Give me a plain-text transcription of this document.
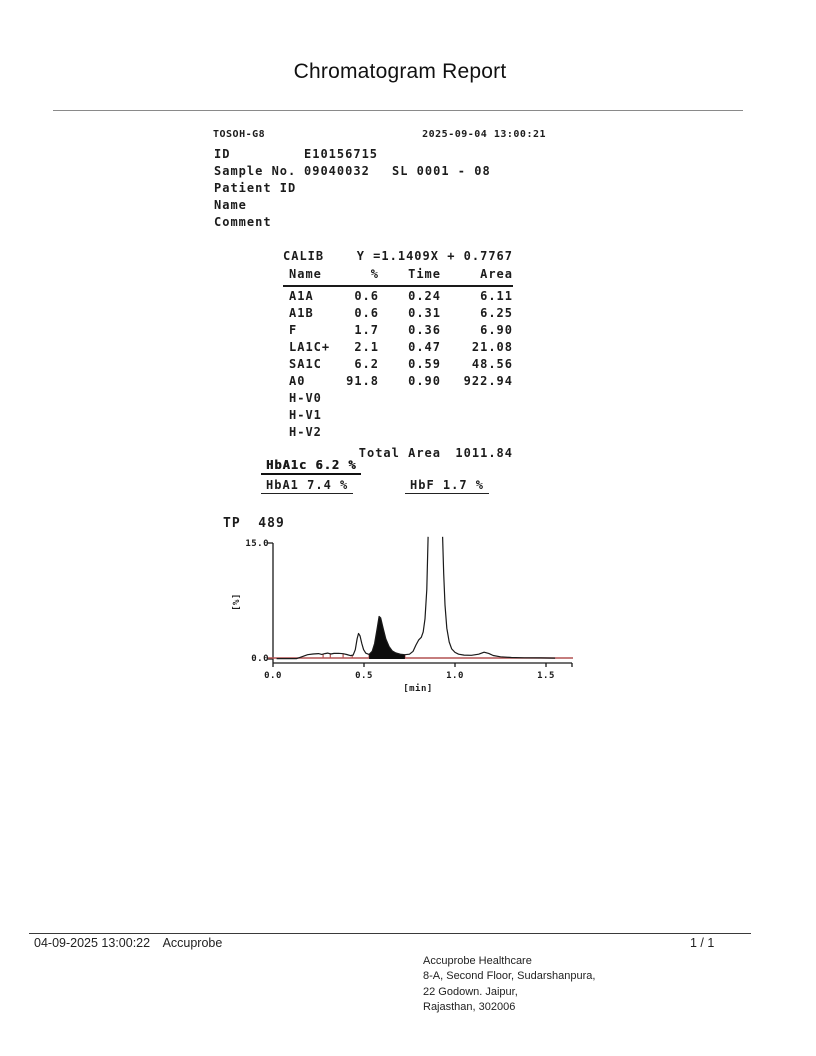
Chromatogram Report
TOSOH-G8	2025-09-04 13:00:21
ID	E10156715
Sample No. 09040032	SL 0001 - 08
Patient ID
Name
Comment
CALIB	Y =1.1409X + 0.7767
Name	%	Time	Area
A1A	0.6	0.24	6.11
A1B	0.6	0.31	6.25
F	1.7	0.36	6.90
LA1C+	2.1	0.47	21.08
SA1C	6.2	0.59	48.56
A0	91.8	0.90	922.94
H-V0
H-V1
H-V2
Total Area	1011.84
HbA1c 6.2 %
HbA1 7.4 %	HbF 1.7 %
TP  489
15.0
0.0
0.0	0.5	1.0	1.5
[min]
[%]
04-09-2025 13:00:22 Accuprobe	1 / 1
Accuprobe Healthcare
8-A, Second Floor, Sudarshanpura,
22 Godown. Jaipur,
Rajasthan, 302006
